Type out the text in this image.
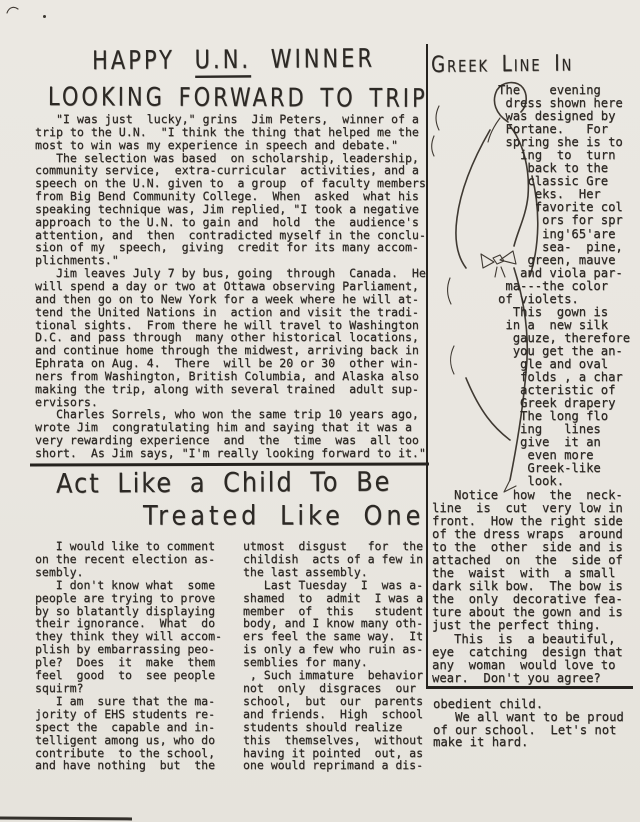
HAPPY U.N. WINNER
LOOKING FORWARD TO TRIP
"I was just  lucky," grins  Jim Peters,  winner of a
trip to the U.N.  "I think the thing that helped me the
most to win was my experience in speech and debate."
The selection was based  on scholarship, leadership,
community service,  extra-curricular  activities, and a
speech on the U.N. given to  a group  of faculty members
from Big Bend Community College.  When  asked  what his
speaking technique was, Jim replied, "I took a negative
approach to the U.N. to gain and  hold  the  audience's
attention, and  then  contradicted myself in the conclu-
sion of my  speech,  giving  credit for its many accom-
plichments."
Jim leaves July 7 by bus, going  through  Canada.  He
will spend a day or two at Ottawa observing Parliament,
and then go on to New York for a week where he will at-
tend the United Nations in  action and visit the tradi-
tional sights.  From there he will travel to Washington
D.C. and pass through  many other historical locations,
and continue home through the midwest, arriving back in
Ephrata on Aug. 4.  There  will be 20 or 30  other win-
ners from Washington, British Columbia, and Alaska also
making the trip, along with several trained  adult sup-
ervisors.
Charles Sorrels, who won the same trip 10 years ago,
wrote Jim  congratulating him and saying that it was a
very rewarding experience  and  the  time  was  all too
short.  As Jim says, "I'm really looking forward to it."
Act Like a Child To Be
Treated Like One
I would like to comment
on the recent election as-
sembly.
I don't know what  some
people are trying to prove
by so blatantly displaying
their ignorance.  What  do
they think they will accom-
plish by embarrassing peo-
ple?  Does  it  make  them
feel  good  to  see people
squirm?
I am  sure that the ma-
jority of EHS students re-
spect the  capable and in-
telligent among us, who do
contribute  to the school,
and have nothing  but  the
utmost  disgust   for  the
childish  acts of a few in
the last assembly.
Last Tuesday  I  was a-
shamed  to  admit  I was a
member  of  this   student
body, and I know many oth-
ers feel the same way.  It
is only a few who ruin as-
semblies for many.
, Such immature  behavior
not  only  disgraces  our
school,  but  our  parents
and friends.  High  school
students should realize
this  themselves,  without
having it pointed  out, as
one would reprimand a dis-
obedient child.
We all want to be proud
of our school.  Let's not
make it hard.
Greek Line In
The    evening
dress shown here
was designed by
Fortane.   For
spring she is to
ing  to  turn
back to the
classic Gre
eks.  Her
favorite col
ors for spr
ing'65'are
sea-  pine,
green, mauve
and viola par-
ma---the color
of violets.
This  gown is
in a  new silk
gauze, therefore
you get the an-
gle and oval
folds , a char
acteristic of
Greek drapery
The long flo
ing   lines
give  it an
even more
Greek-like
look.
Notice  how  the  neck-
line  is  cut  very low in
front.  How the right side
of the dress wraps  around
to the  other  side and is
attached  on  the  side of
the  waist  with  a small
dark silk bow.  The bow is
the  only  decorative fea-
ture about the gown and is
just the perfect thing.
This  is  a beautiful,
eye  catching  design that
any  woman  would love to
wear.  Don't you agree?
